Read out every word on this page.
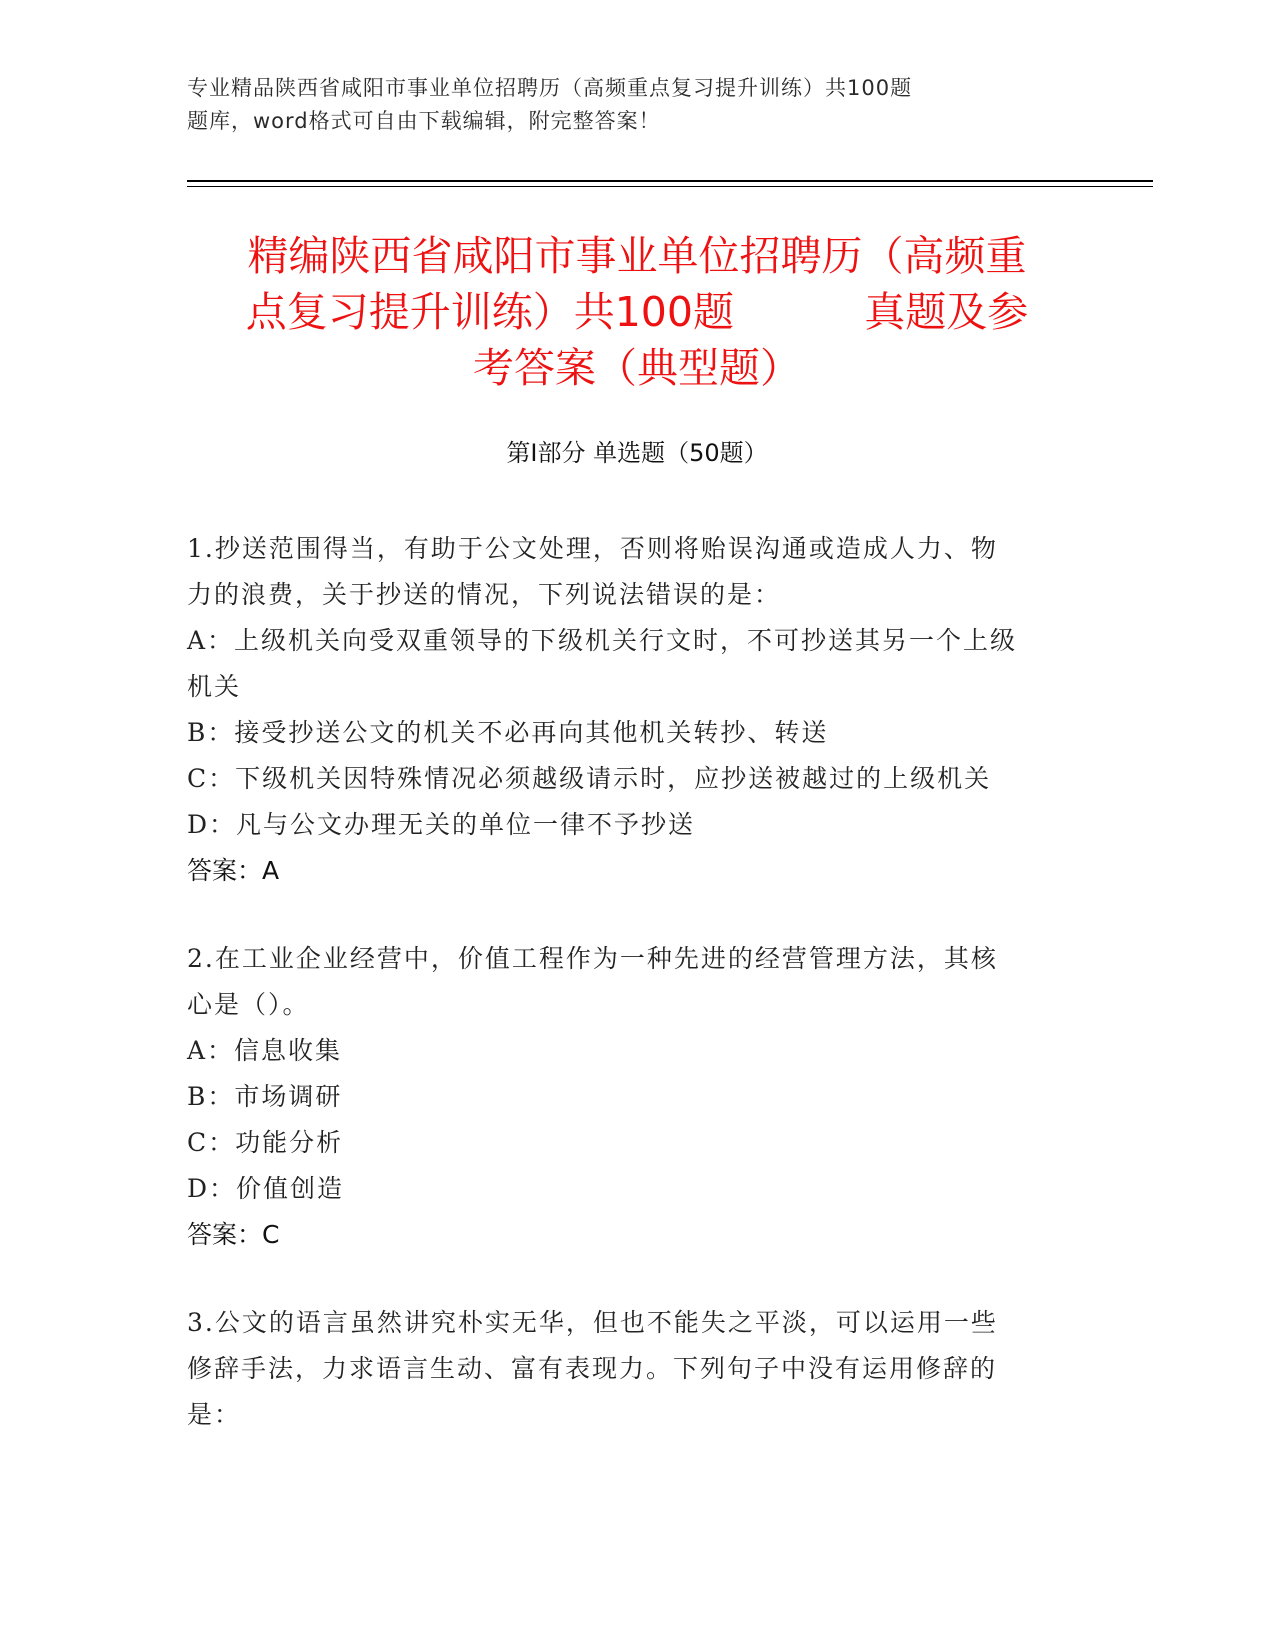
专业精品陕西省咸阳市事业单位招聘历（高频重点复习提升训练）共100题
题库，word格式可自由下载编辑，附完整答案！
精编陕西省咸阳市事业单位招聘历（高频重
点复习提升训练）共100题          真题及参
考答案（典型题）
第I部分 单选题（50题）
1.抄送范围得当，有助于公文处理，否则将贻误沟通或造成人力、物
力的浪费，关于抄送的情况，下列说法错误的是：
A：上级机关向受双重领导的下级机关行文时，不可抄送其另一个上级
机关
B：接受抄送公文的机关不必再向其他机关转抄、转送
C：下级机关因特殊情况必须越级请示时，应抄送被越过的上级机关
D：凡与公文办理无关的单位一律不予抄送
答案：A
2.在工业企业经营中，价值工程作为一种先进的经营管理方法，其核
心是（）。
A：信息收集
B：市场调研
C：功能分析
D：价值创造
答案：C
3.公文的语言虽然讲究朴实无华，但也不能失之平淡，可以运用一些
修辞手法，力求语言生动、富有表现力。下列句子中没有运用修辞的
是：
